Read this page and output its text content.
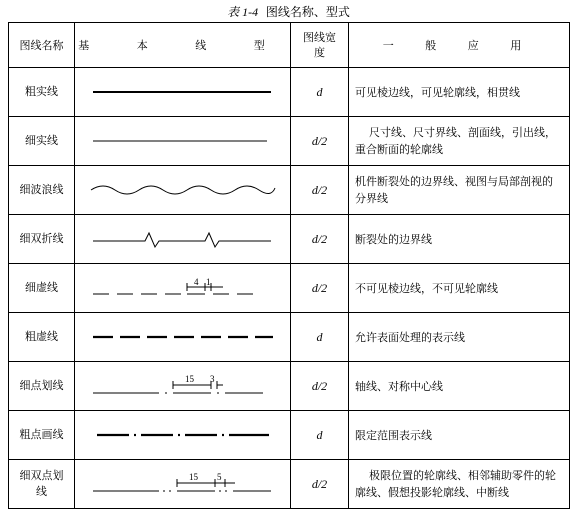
表 1-4 图线名称、型式
图线名称	基 本 线 型	图线宽度	一 般 应 用
粗实线		d	可见棱边线，可见轮廓线，相贯线
细实线		d/2	尺寸线、尺寸界线、剖面线，引出线，重合断面的轮廓线
细波浪线		d/2	机件断裂处的边界线、视图与局部剖视的分界线
细双折线		d/2	断裂处的边界线
细虚线	4 1	d/2	不可见棱边线，不可见轮廓线
粗虚线		d	允许表面处理的表示线
细点划线	15 3	d/2	轴线、对称中心线
粗点画线		d	限定范围表示线
细双点划线	15 5	d/2	极限位置的轮廓线、相邻辅助零件的轮廓线、假想投影轮廓线、中断线
